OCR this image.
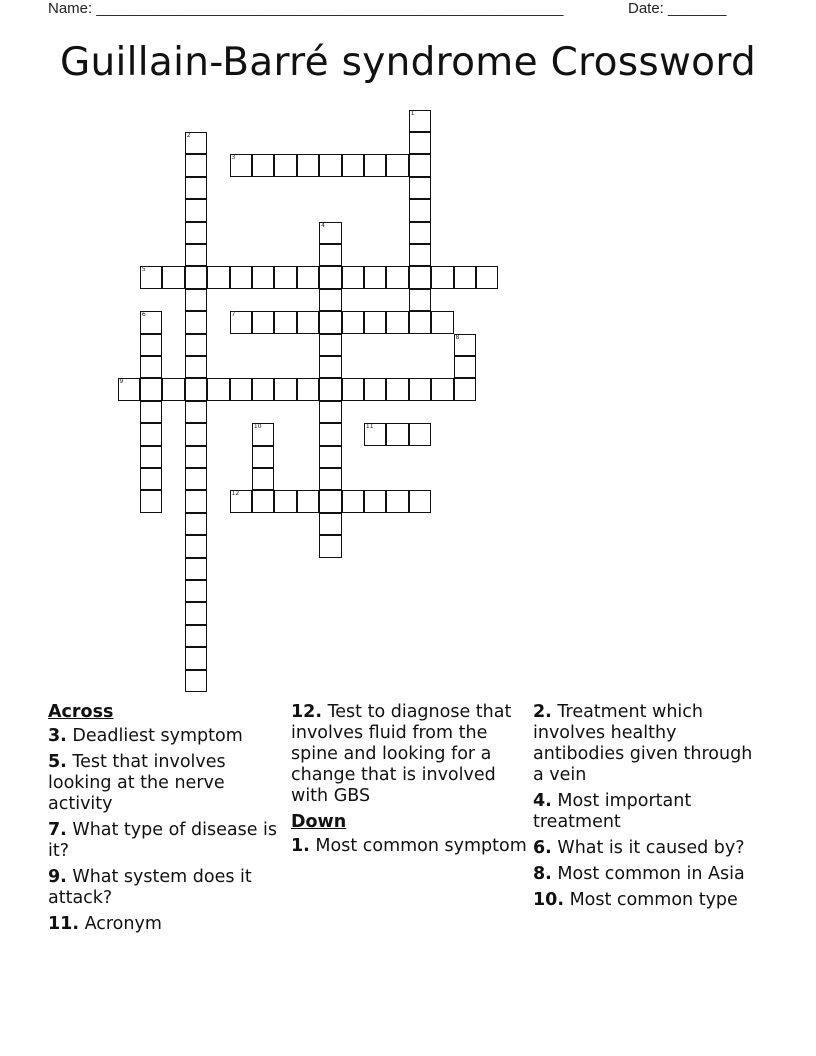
Name: ________________________________________________________	Date: _______
Guillain-Barré syndrome Crossword
1
2
3
4
5
6	7
8
9
10	11
12
Across
3. Deadliest symptom
5. Test that involves looking at the nerve activity
7. What type of disease is it?
9. What system does it attack?
11. Acronym
12. Test to diagnose that involves fluid from the spine and looking for a change that is involved with GBS
Down
1. Most common symptom
2. Treatment which involves healthy antibodies given through a vein
4. Most important treatment
6. What is it caused by?
8. Most common in Asia
10. Most common type
